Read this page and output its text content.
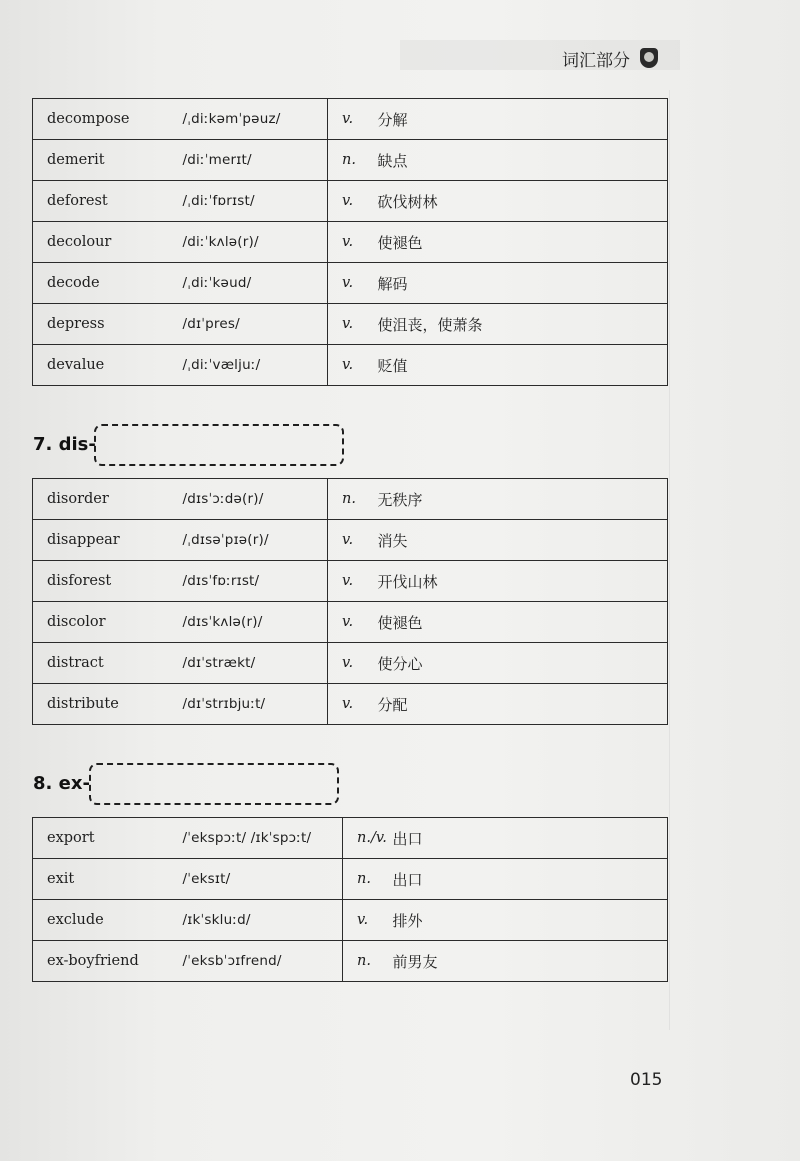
词汇部分
decompose	/ˌdiːkəmˈpəuz/	v.	分解
demerit	/diːˈmerɪt/	n.	缺点
deforest	/ˌdiːˈfɒrɪst/	v.	砍伐树林
decolour	/diːˈkʌlə(r)/	v.	使褪色
decode	/ˌdiːˈkəud/	v.	解码
depress	/dɪˈpres/	v.	使沮丧，使萧条
devalue	/ˌdiːˈvæljuː/	v.	贬值
7. dis-
disorder	/dɪsˈɔːdə(r)/	n.	无秩序
disappear	/ˌdɪsəˈpɪə(r)/	v.	消失
disforest	/dɪsˈfɒːrɪst/	v.	开伐山林
discolor	/dɪsˈkʌlə(r)/	v.	使褪色
distract	/dɪˈstrækt/	v.	使分心
distribute	/dɪˈstrɪbjuːt/	v.	分配
8. ex-
export	/ˈekspɔːt/ /ɪkˈspɔːt/	n./v.	出口
exit	/ˈeksɪt/	n.	出口
exclude	/ɪkˈskluːd/	v.	排外
ex-boyfriend	/ˈeksbˈɔɪfrend/	n.	前男友
015
